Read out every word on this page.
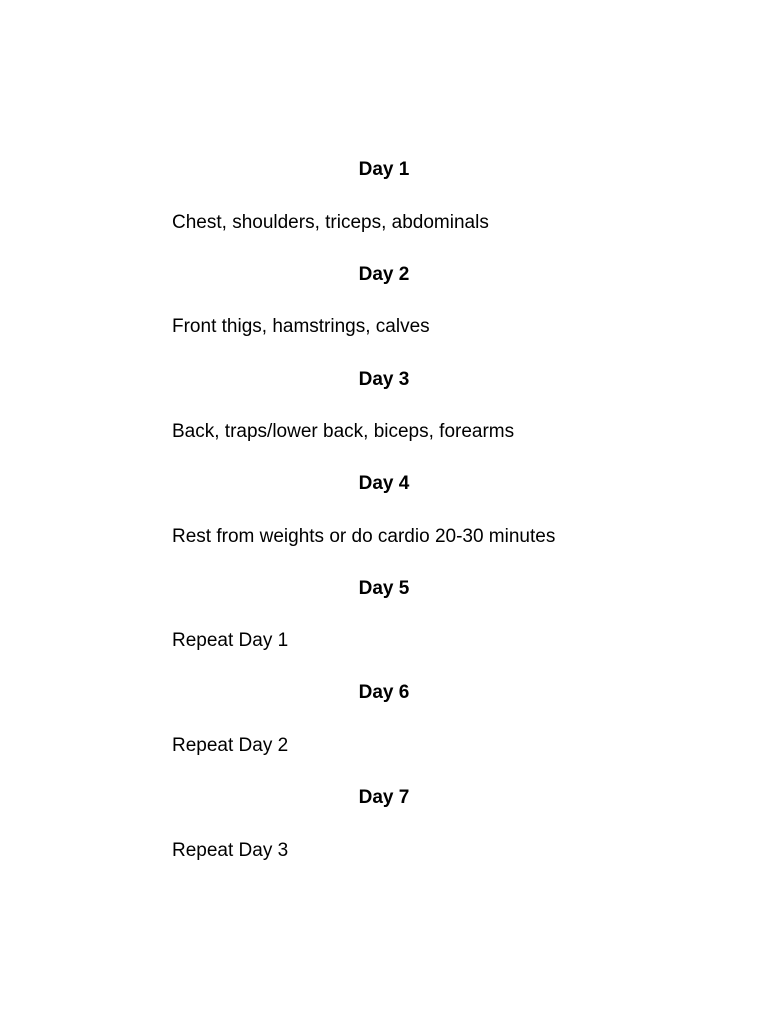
Day 1

Chest, shoulders, triceps, abdominals

Day 2

Front thigs, hamstrings, calves

Day 3

Back, traps/lower back, biceps, forearms

Day 4

Rest from weights or do cardio 20-30 minutes

Day 5

Repeat Day 1

Day 6

Repeat Day 2

Day 7

Repeat Day 3
